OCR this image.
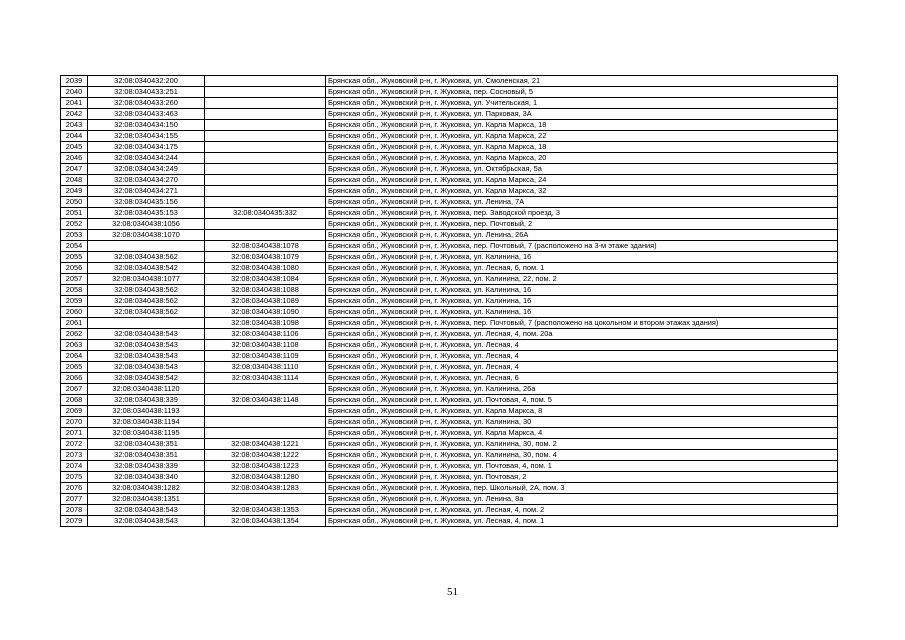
2039	32:08:0340432:200		Брянская обл., Жуковский р-н, г. Жуковка, ул. Смоленская, 21
2040	32:08:0340433:251		Брянская обл., Жуковский р-н, г. Жуковка, пер. Сосновый, 5
2041	32:08:0340433:260		Брянская обл., Жуковский р-н, г. Жуковка, ул. Учительская, 1
2042	32:08:0340433:463		Брянская обл., Жуковский р-н, г. Жуковка, ул. Парковая, 3А
2043	32:08:0340434:150		Брянская обл., Жуковский р-н, г. Жуковка, ул. Карла Маркса, 18
2044	32:08:0340434:155		Брянская обл., Жуковский р-н, г. Жуковка, ул. Карла Маркса, 22
2045	32:08:0340434:175		Брянская обл., Жуковский р-н, г. Жуковка, ул. Карла Маркса, 18
2046	32:08:0340434:244		Брянская обл., Жуковский р-н, г. Жуковка, ул. Карла Маркса, 20
2047	32:08:0340434:249		Брянская обл., Жуковский р-н, г. Жуковка, ул. Октябрьская, 5а
2048	32:08:0340434:270		Брянская обл., Жуковский р-н, г. Жуковка, ул. Карла Маркса, 24
2049	32:08:0340434:271		Брянская обл., Жуковский р-н, г. Жуковка, ул. Карла Маркса, 32
2050	32:08:0340435:156		Брянская обл., Жуковский р-н, г. Жуковка, ул. Ленина, 7А
2051	32:08:0340435:153	32:08:0340435:332	Брянская обл., Жуковский р-н, г. Жуковка, пер. Заводской проезд, 3
2052	32:08:0340438:1056		Брянская обл., Жуковский р-н, г. Жуковка, пер. Почтовый, 2
2053	32:08:0340438:1070		Брянская обл., Жуковский р-н, г. Жуковка, ул. Ленина, 26А
2054		32:08:0340438:1078	Брянская обл., Жуковский р-н, г. Жуковка, пер. Почтовый, 7 (расположено на 3-м этаже здания)
2055	32:08:0340438:562	32:08:0340438:1079	Брянская обл., Жуковский р-н, г. Жуковка, ул. Калинина, 16
2056	32:08:0340438:542	32:08:0340438:1080	Брянская обл., Жуковский р-н, г. Жуковка, ул. Лесная, 6, пом. 1
2057	32:08:0340438:1077	32:08:0340438:1084	Брянская обл., Жуковский р-н, г. Жуковка, ул. Калинина, 22, пом. 2
2058	32:08:0340438:562	32:08:0340438:1088	Брянская обл., Жуковский р-н, г. Жуковка, ул. Калинина, 16
2059	32:08:0340438:562	32:08:0340438:1089	Брянская обл., Жуковский р-н, г. Жуковка, ул. Калинина, 16
2060	32:08:0340438:562	32:08:0340438:1090	Брянская обл., Жуковский р-н, г. Жуковка, ул. Калинина, 16
2061		32:08:0340438:1098	Брянская обл., Жуковский р-н, г. Жуковка, пер. Почтовый, 7 (расположено на цокольном и втором этажах здания)
2062	32:08:0340438:543	32:08:0340438:1106	Брянская обл., Жуковский р-н, г. Жуковка, ул. Лесная, 4, пом. 20а
2063	32:08:0340438:543	32:08:0340438:1108	Брянская обл., Жуковский р-н, г. Жуковка, ул. Лесная, 4
2064	32:08:0340438:543	32:08:0340438:1109	Брянская обл., Жуковский р-н, г. Жуковка, ул. Лесная, 4
2065	32:08:0340438:543	32:08:0340438:1110	Брянская обл., Жуковский р-н, г. Жуковка, ул. Лесная, 4
2066	32:08:0340438:542	32:08:0340438:1114	Брянская обл., Жуковский р-н, г. Жуковка, ул. Лесная, 6
2067	32:08:0340438:1120		Брянская обл., Жуковский р-н, г. Жуковка, ул. Калинина, 26а
2068	32:08:0340438:339	32:08:0340438:1148	Брянская обл., Жуковский р-н, г. Жуковка, ул. Почтовая, 4, пом. 5
2069	32:08:0340438:1193		Брянская обл., Жуковский р-н, г. Жуковка, ул. Карла Маркса, 8
2070	32:08:0340438:1194		Брянская обл., Жуковский р-н, г. Жуковка, ул. Калинина, 30
2071	32:08:0340438:1195		Брянская обл., Жуковский р-н, г. Жуковка, ул. Карла Маркса, 4
2072	32:08:0340438:351	32:08:0340438:1221	Брянская обл., Жуковский р-н, г. Жуковка, ул. Калинина, 30, пом. 2
2073	32:08:0340438:351	32:08:0340438:1222	Брянская обл., Жуковский р-н, г. Жуковка, ул. Калинина, 30, пом. 4
2074	32:08:0340438:339	32:08:0340438:1223	Брянская обл., Жуковский р-н, г. Жуковка, ул. Почтовая, 4, пом. 1
2075	32:08:0340438:340	32:08:0340438:1280	Брянская обл., Жуковский р-н, г. Жуковка, ул. Почтовая, 2
2076	32:08:0340438:1282	32:08:0340438:1283	Брянская обл., Жуковский р-н, г. Жуковка, пер. Школьный, 2А, пом. 3
2077	32:08:0340438:1351		Брянская обл., Жуковский р-н, г. Жуковка, ул. Ленина, 8а
2078	32:08:0340438:543	32:08:0340438:1353	Брянская обл., Жуковский р-н, г. Жуковка, ул. Лесная, 4, пом. 2
2079	32:08:0340438:543	32:08:0340438:1354	Брянская обл., Жуковский р-н, г. Жуковка, ул. Лесная, 4, пом. 1
51
